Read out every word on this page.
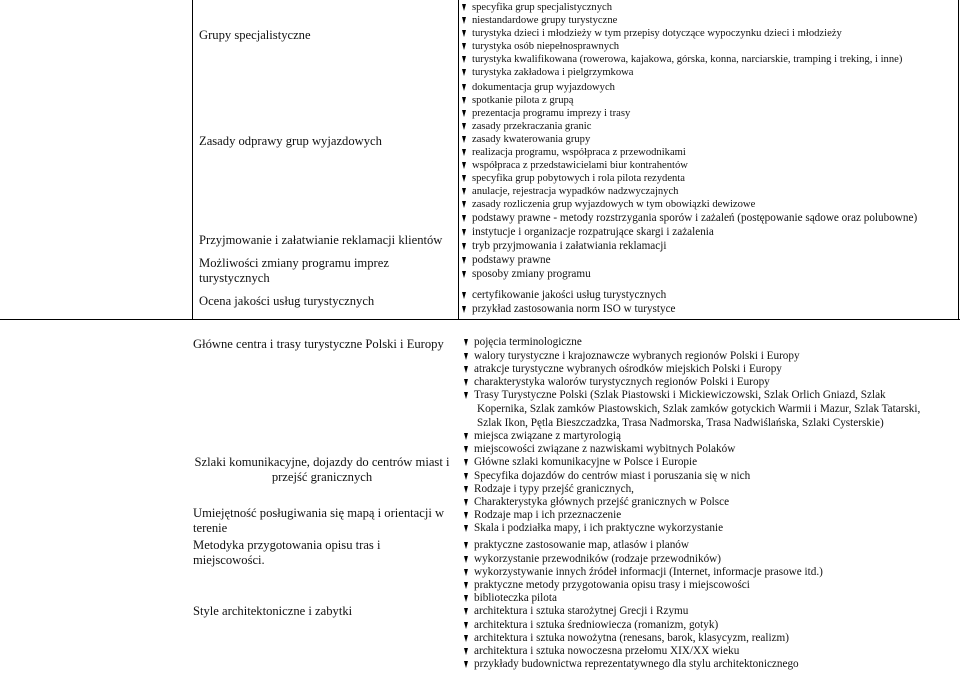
Grupy specjalistyczne
Zasady odprawy grup wyjazdowych
Przyjmowanie i załatwianie reklamacji klientów
Możliwości zmiany programu imprez turystycznych
Ocena jakości usług turystycznych
specyfika grup specjalistycznych
niestandardowe grupy turystyczne
turystyka dzieci i młodzieży w tym przepisy dotyczące wypoczynku dzieci i młodzieży
turystyka osób niepełnosprawnych
turystyka kwalifikowana (rowerowa, kajakowa, górska, konna, narciarskie, tramping i treking, i inne)
turystyka zakładowa i pielgrzymkowa
dokumentacja grup wyjazdowych
spotkanie pilota z grupą
prezentacja programu imprezy i trasy
zasady przekraczania granic
zasady kwaterowania grupy
realizacja programu, współpraca z przewodnikami
współpraca z przedstawicielami biur kontrahentów
specyfika grup pobytowych i rola pilota rezydenta
anulacje, rejestracja wypadków nadzwyczajnych
zasady rozliczenia grup wyjazdowych w tym obowiązki dewizowe
podstawy prawne - metody rozstrzygania sporów i zażaleń (postępowanie sądowe oraz polubowne)
instytucje i organizacje rozpatrujące skargi i zażalenia
tryb przyjmowania i załatwiania reklamacji
podstawy prawne
sposoby zmiany programu
certyfikowanie jakości usług turystycznych
przykład zastosowania norm ISO w turystyce
Główne centra i trasy turystyczne Polski i Europy
Szlaki komunikacyjne, dojazdy do centrów miast i przejść granicznych
Umiejętność posługiwania się mapą i orientacji w terenie
Metodyka przygotowania opisu tras i miejscowości.
Style architektoniczne i zabytki
pojęcia terminologiczne
walory turystyczne i krajoznawcze wybranych regionów Polski i Europy
atrakcje turystyczne wybranych ośrodków miejskich Polski i Europy
charakterystyka walorów turystycznych regionów Polski i Europy
Trasy Turystyczne Polski (Szlak Piastowski i Mickiewiczowski, Szlak Orlich Gniazd, Szlak
Kopernika, Szlak zamków Piastowskich, Szlak zamków gotyckich Warmii i Mazur, Szlak Tatarski,
Szlak Ikon, Pętla Bieszczadzka, Trasa Nadmorska, Trasa Nadwiślańska, Szlaki Cysterskie)
miejsca związane z martyrologią
miejscowości związane z nazwiskami wybitnych Polaków
Główne szlaki komunikacyjne w Polsce i Europie
Specyfika dojazdów do centrów miast i poruszania się w nich
Rodzaje i typy przejść granicznych,
Charakterystyka głównych przejść granicznych w Polsce
Rodzaje map i ich przeznaczenie
Skala i podziałka mapy, i ich praktyczne wykorzystanie
praktyczne zastosowanie map, atlasów i planów
wykorzystanie przewodników (rodzaje przewodników)
wykorzystywanie innych źródeł informacji (Internet, informacje prasowe itd.)
praktyczne metody przygotowania opisu trasy i miejscowości
biblioteczka pilota
architektura i sztuka starożytnej Grecji i Rzymu
architektura i sztuka średniowiecza (romanizm, gotyk)
architektura i sztuka nowożytna (renesans, barok, klasycyzm, realizm)
architektura i sztuka nowoczesna przełomu XIX/XX wieku
przykłady budownictwa reprezentatywnego dla stylu architektonicznego
